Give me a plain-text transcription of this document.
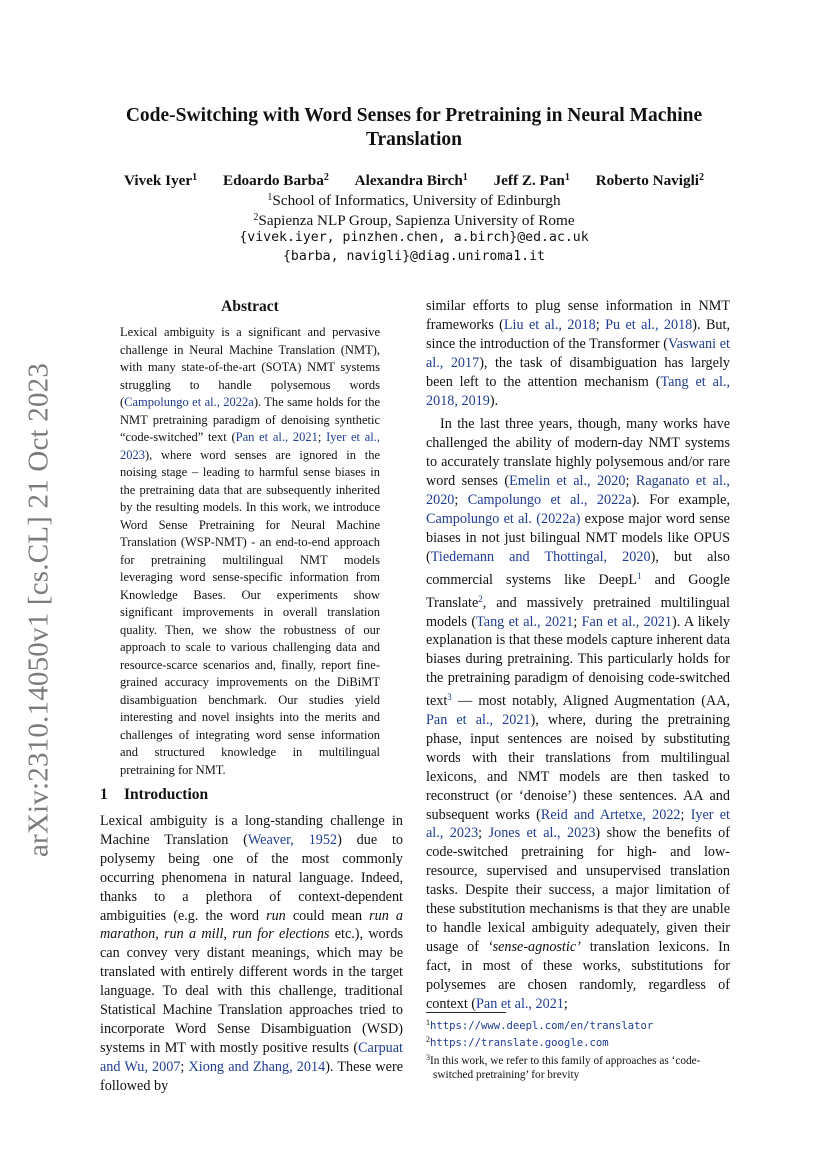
arXiv:2310.14050v1 [cs.CL] 21 Oct 2023
Code-Switching with Word Senses for Pretraining in Neural Machine Translation
Vivek Iyer$^1$ Edoardo Barba$^2$ Alexandra Birch$^1$ Jeff Z. Pan$^1$ Roberto Navigli$^2$
$^1$School of Informatics, University of Edinburgh
$^2$Sapienza NLP Group, Sapienza University of Rome
{vivek.iyer, pinzhen.chen, a.birch}@ed.ac.uk
{barba, navigli}@diag.uniroma1.it
Abstract
Lexical ambiguity is a significant and pervasive challenge in Neural Machine Translation (NMT), with many state-of-the-art (SOTA) NMT systems struggling to handle polysemous words (Campolungo et al., 2022a). The same holds for the NMT pretraining paradigm of denoising synthetic “code-switched” text (Pan et al., 2021; Iyer et al., 2023), where word senses are ignored in the noising stage – leading to harmful sense biases in the pretraining data that are subsequently inherited by the resulting models. In this work, we introduce Word Sense Pretraining for Neural Machine Translation (WSP-NMT) - an end-to-end approach for pretraining multilingual NMT models leveraging word sense-specific information from Knowledge Bases. Our experiments show significant improvements in overall translation quality. Then, we show the robustness of our approach to scale to various challenging data and resource-scarce scenarios and, finally, report fine-grained accuracy improvements on the DiBiMT disambiguation benchmark. Our studies yield interesting and novel insights into the merits and challenges of integrating word sense information and structured knowledge in multilingual pretraining for NMT.
1 Introduction

Lexical ambiguity is a long-standing challenge in Machine Translation (Weaver, 1952) due to polysemy being one of the most commonly occurring phenomena in natural language. Indeed, thanks to a plethora of context-dependent ambiguities (e.g. the word run could mean run a marathon, run a mill, run for elections etc.), words can convey very distant meanings, which may be translated with entirely different words in the target language. To deal with this challenge, traditional Statistical Machine Translation approaches tried to incorporate Word Sense Disambiguation (WSD) systems in MT with mostly positive results (Carpuat and Wu, 2007; Xiong and Zhang, 2014). These were followed by

similar efforts to plug sense information in NMT frameworks (Liu et al., 2018; Pu et al., 2018). But, since the introduction of the Transformer (Vaswani et al., 2017), the task of disambiguation has largely been left to the attention mechanism (Tang et al., 2018, 2019).

In the last three years, though, many works have challenged the ability of modern-day NMT systems to accurately translate highly polysemous and/or rare word senses (Emelin et al., 2020; Raganato et al., 2020; Campolungo et al., 2022a). For example, Campolungo et al. (2022a) expose major word sense biases in not just bilingual NMT models like OPUS (Tiedemann and Thottingal, 2020), but also commercial systems like DeepL$^1$ and Google Translate$^2$, and massively pretrained multilingual models (Tang et al., 2021; Fan et al., 2021). A likely explanation is that these models capture inherent data biases during pretraining. This particularly holds for the pretraining paradigm of denoising code-switched text$^3$ — most notably, Aligned Augmentation (AA, Pan et al., 2021), where, during the pretraining phase, input sentences are noised by substituting words with their translations from multilingual lexicons, and NMT models are then tasked to reconstruct (or ‘denoise’) these sentences. AA and subsequent works (Reid and Artetxe, 2022; Iyer et al., 2023; Jones et al., 2023) show the benefits of code-switched pretraining for high- and low-resource, supervised and unsupervised translation tasks. Despite their success, a major limitation of these substitution mechanisms is that they are unable to handle lexical ambiguity adequately, given their usage of ‘sense-agnostic’ translation lexicons. In fact, in most of these works, substitutions for polysemes are chosen randomly, regardless of context (Pan et al., 2021;

$^1$https://www.deepl.com/en/translator
$^2$https://translate.google.com
$^3$In this work, we refer to this family of approaches as ‘code-switched pretraining’ for brevity
